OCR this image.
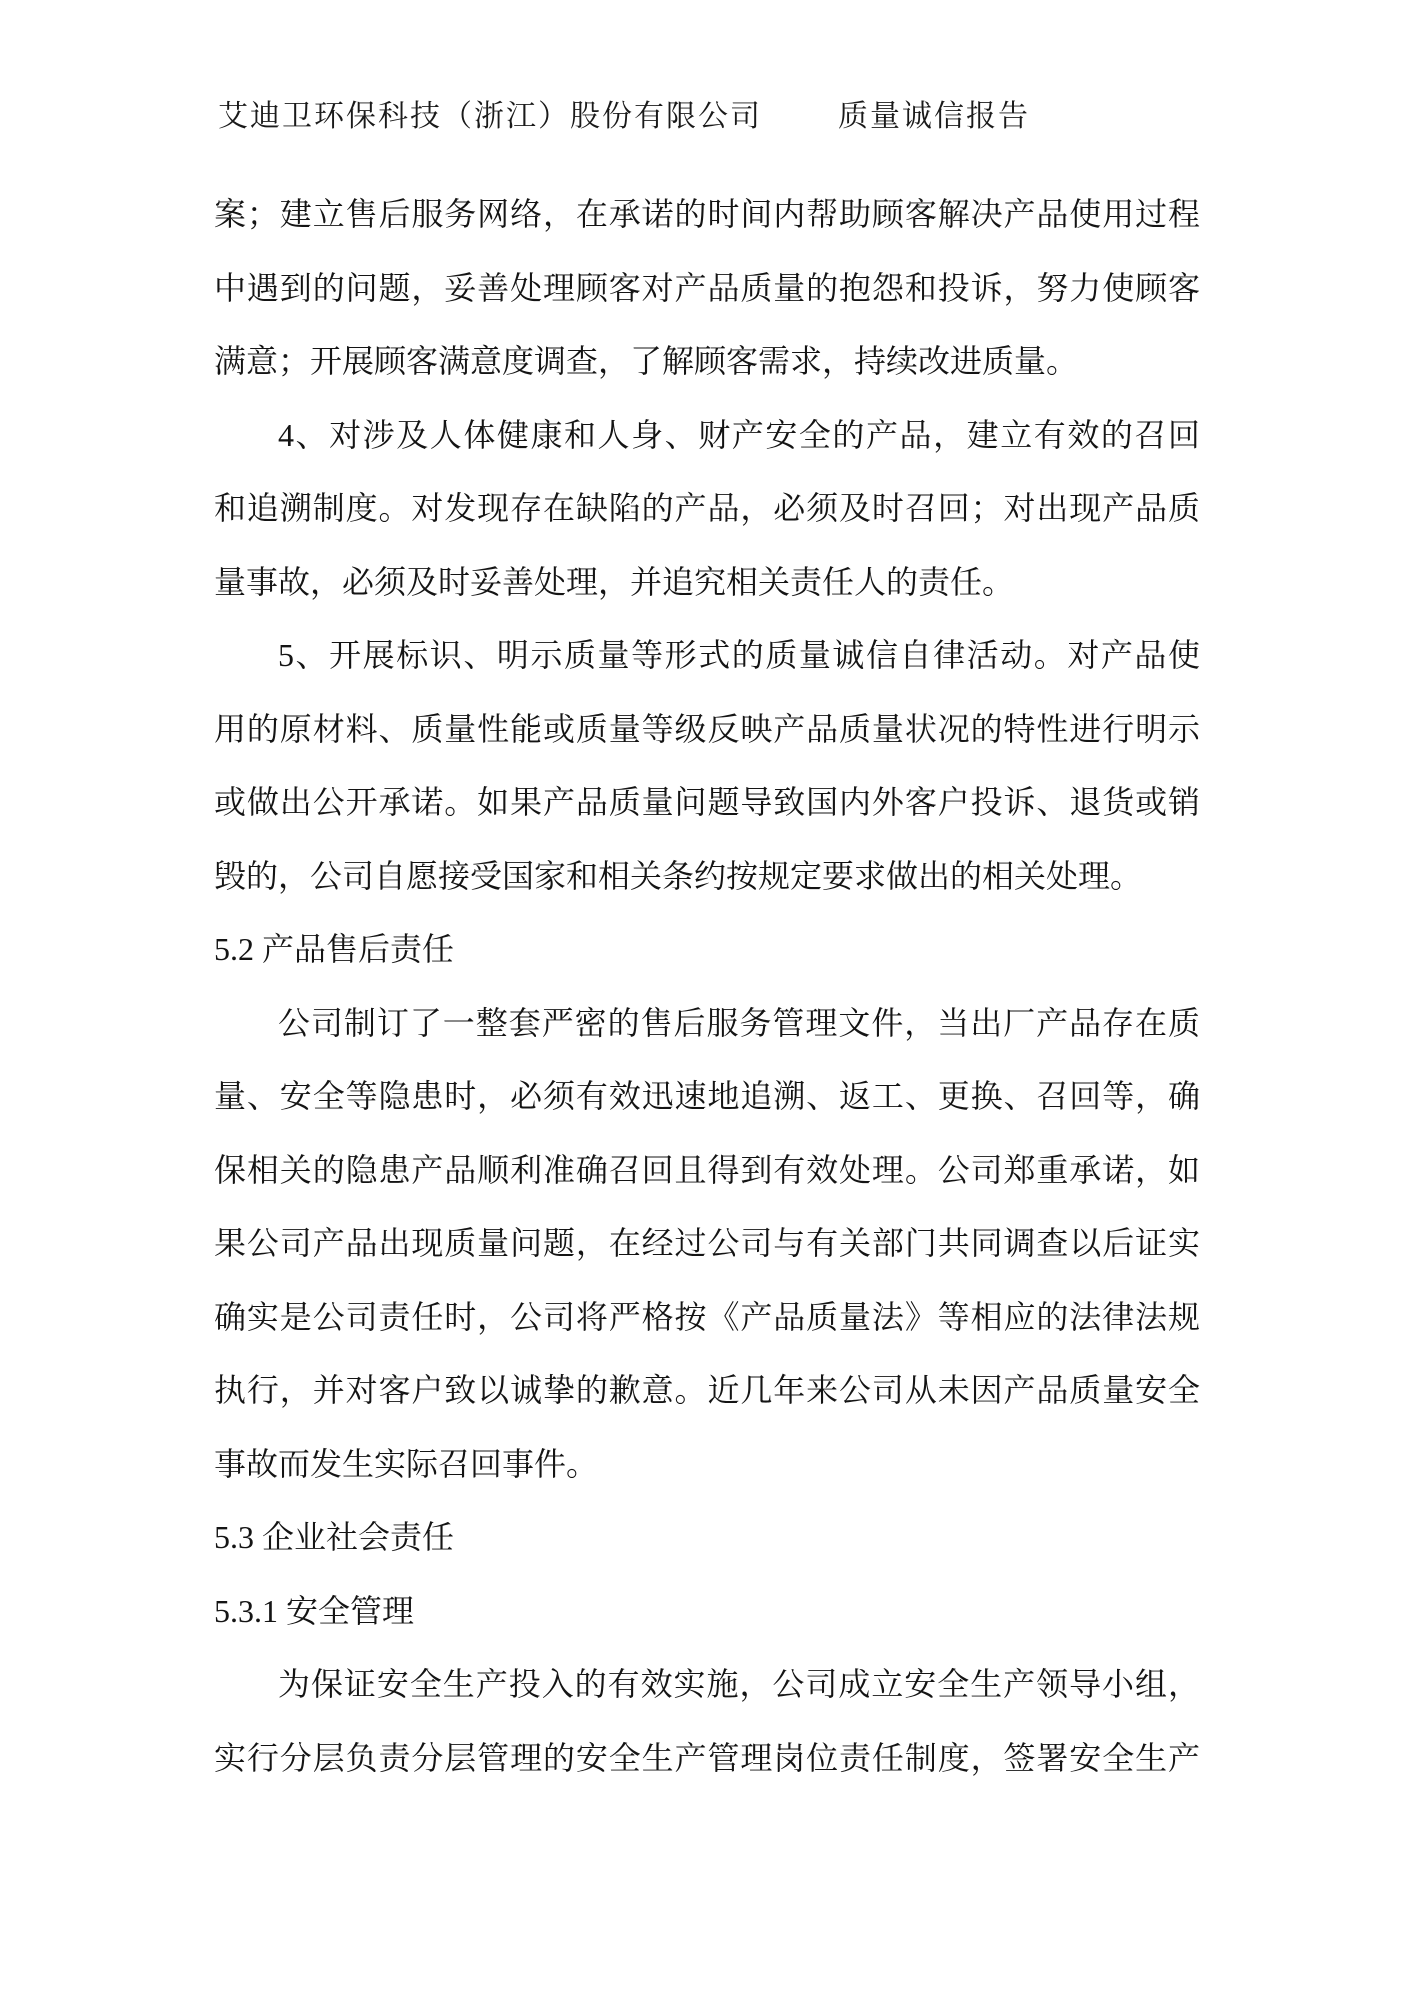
艾迪卫环保科技（浙江）股份有限公司	质量诚信报告
案；建立售后服务网络，在承诺的时间内帮助顾客解决产品使用过程
中遇到的问题，妥善处理顾客对产品质量的抱怨和投诉，努力使顾客
满意；开展顾客满意度调查，了解顾客需求，持续改进质量。
4、对涉及人体健康和人身、财产安全的产品，建立有效的召回
和追溯制度。对发现存在缺陷的产品，必须及时召回；对出现产品质
量事故，必须及时妥善处理，并追究相关责任人的责任。
5、开展标识、明示质量等形式的质量诚信自律活动。对产品使
用的原材料、质量性能或质量等级反映产品质量状况的特性进行明示
或做出公开承诺。如果产品质量问题导致国内外客户投诉、退货或销
毁的，公司自愿接受国家和相关条约按规定要求做出的相关处理。
5.2 产品售后责任
公司制订了一整套严密的售后服务管理文件，当出厂产品存在质
量、安全等隐患时，必须有效迅速地追溯、返工、更换、召回等，确
保相关的隐患产品顺利准确召回且得到有效处理。公司郑重承诺，如
果公司产品出现质量问题，在经过公司与有关部门共同调查以后证实
确实是公司责任时，公司将严格按《产品质量法》等相应的法律法规
执行，并对客户致以诚挚的歉意。近几年来公司从未因产品质量安全
事故而发生实际召回事件。
5.3 企业社会责任
5.3.1 安全管理
为保证安全生产投入的有效实施，公司成立安全生产领导小组，
实行分层负责分层管理的安全生产管理岗位责任制度，签署安全生产
